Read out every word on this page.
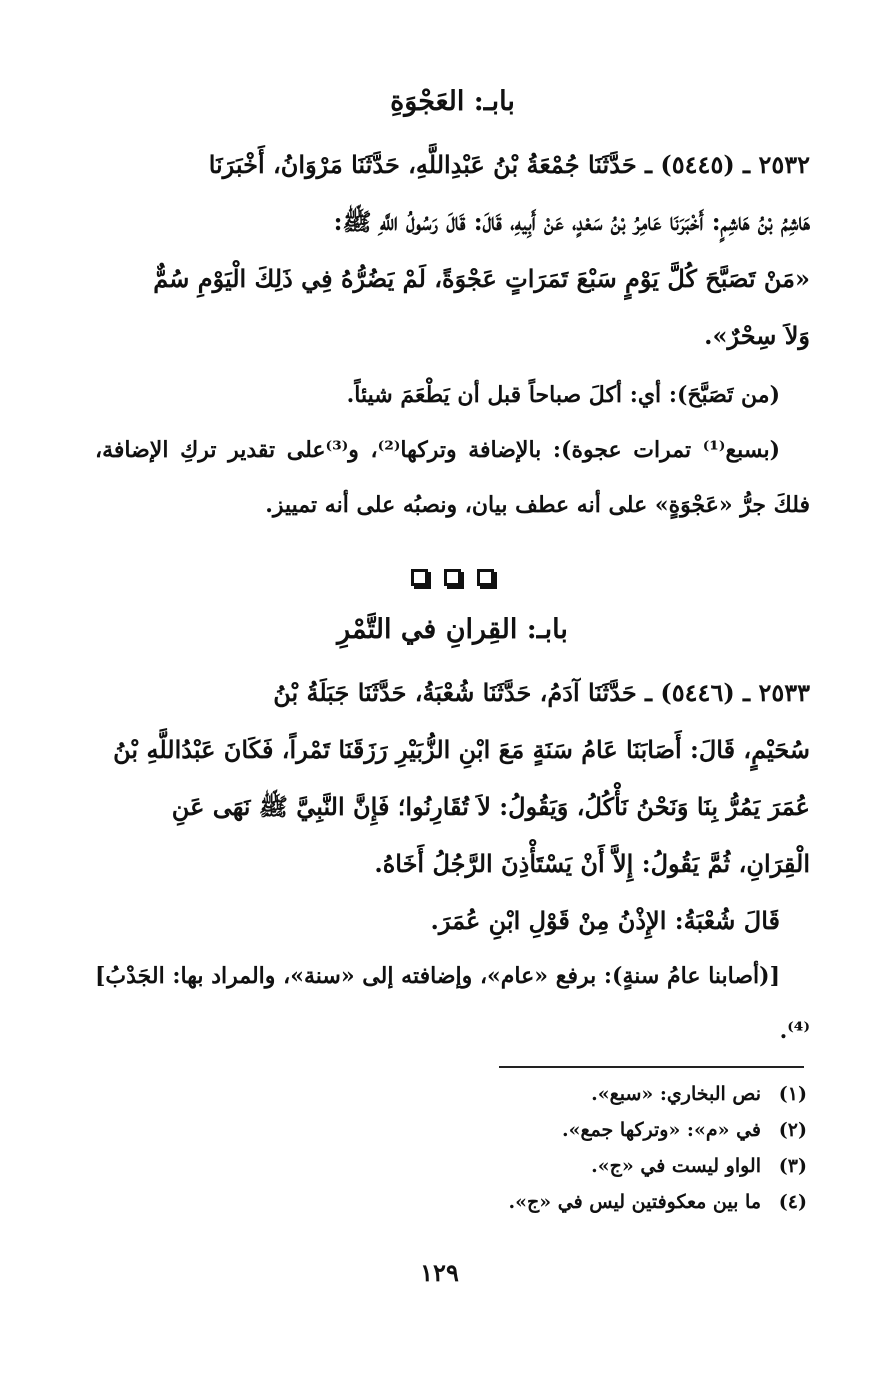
بابـ: العَجْوَةِ

٢٥٣٢ ـ (٥٤٤٥) ـ حَدَّثَنَا جُمْعَةُ بْنُ عَبْدِاللَّهِ، حَدَّثَنَا مَرْوَانُ، أَخْبَرَنَا

هَاشِمُ بْنُ هَاشِمٍ: أَخْبَرَنَا عَامِرُ بْنُ سَعْدٍ، عَنْ أَبِيهِ، قَالَ: قَالَ رَسُولُ اللَّهِ ﷺ:

«مَنْ تَصَبَّحَ كُلَّ يَوْمٍ سَبْعَ تَمَرَاتٍ عَجْوَةً، لَمْ يَضُرُّهُ فِي ذَلِكَ الْيَوْمِ سُمٌّ

وَلاَ سِحْرٌ».

(من تَصَبَّحَ): أي: أكلَ صباحاً قبل أن يَطْعَمَ شيئاً.

(بسبع⁽¹⁾ تمرات عجوة): بالإضافة وتركها⁽²⁾، و⁽³⁾على تقدير تركِ الإضافة، فلكَ جرُّ «عَجْوَةٍ» على أنه عطف بيان، ونصبُه على أنه تمييز.

بابـ: القِرانِ في التَّمْرِ

٢٥٣٣ ـ (٥٤٤٦) ـ حَدَّثَنَا آدَمُ، حَدَّثَنَا شُعْبَةُ، حَدَّثَنَا جَبَلَةُ بْنُ

سُحَيْمٍ، قَالَ: أَصَابَنَا عَامُ سَنَةٍ مَعَ ابْنِ الزُّبَيْرِ رَزَقَنَا تَمْراً، فَكَانَ عَبْدُاللَّهِ بْنُ

عُمَرَ يَمُرُّ بِنَا وَنَحْنُ نَأْكُلُ، وَيَقُولُ: لاَ تُقَارِنُوا؛ فَإِنَّ النَّبِيَّ ﷺ نَهَى عَنِ

الْقِرَانِ، ثُمَّ يَقُولُ: إِلاَّ أَنْ يَسْتَأْذِنَ الرَّجُلُ أَخَاهُ.

قَالَ شُعْبَةُ: الإِذْنُ مِنْ قَوْلِ ابْنِ عُمَرَ.

[(أصابنا عامُ سنةٍ): برفع «عام»، وإضافته إلى «سنة»، والمراد بها: الجَدْبُ]⁽⁴⁾.

(١)
نص البخاري: «سبع».
(٢)
في «م»: «وتركها جمع».
(٣)
الواو ليست في «ج».
(٤)
ما بين معكوفتين ليس في «ج».
١٢٩
